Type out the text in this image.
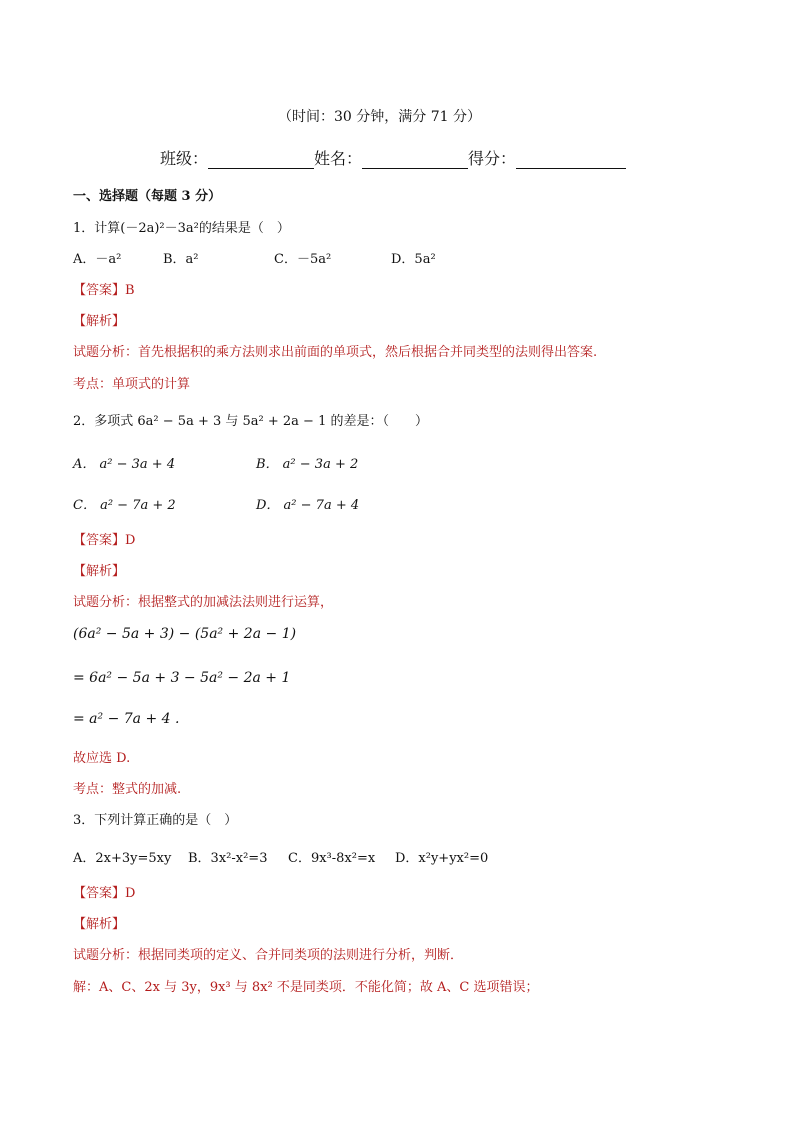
（时间：30 分钟，满分 71 分）
班级：	姓名：	得分：
一、选择题（每题 3 分）
1．计算(－2a)²－3a²的结果是（　）
A．－a²	B．a²	C．－5a²	D．5a²
【答案】B
【解析】
试题分析：首先根据积的乘方法则求出前面的单项式，然后根据合并同类型的法则得出答案.
考点：单项式的计算
2．多项式 6a² − 5a + 3 与 5a² + 2a − 1 的差是：（　　）
A． a² − 3a + 4	B． a² − 3a + 2
C． a² − 7a + 2	D． a² − 7a + 4
【答案】D
【解析】
试题分析：根据整式的加减法法则进行运算，
(6a² − 5a + 3) − (5a² + 2a − 1)
= 6a² − 5a + 3 − 5a² − 2a + 1
= a² − 7a + 4 .
故应选 D.
考点：整式的加减.
3．下列计算正确的是（　）
A．2x+3y=5xy B．3x²-x²=3 C．9x³-8x²=x D．x²y+yx²=0
【答案】D
【解析】
试题分析：根据同类项的定义、合并同类项的法则进行分析，判断．
解：A、C、2x 与 3y，9x³ 与 8x² 不是同类项．不能化简；故 A、C 选项错误；
